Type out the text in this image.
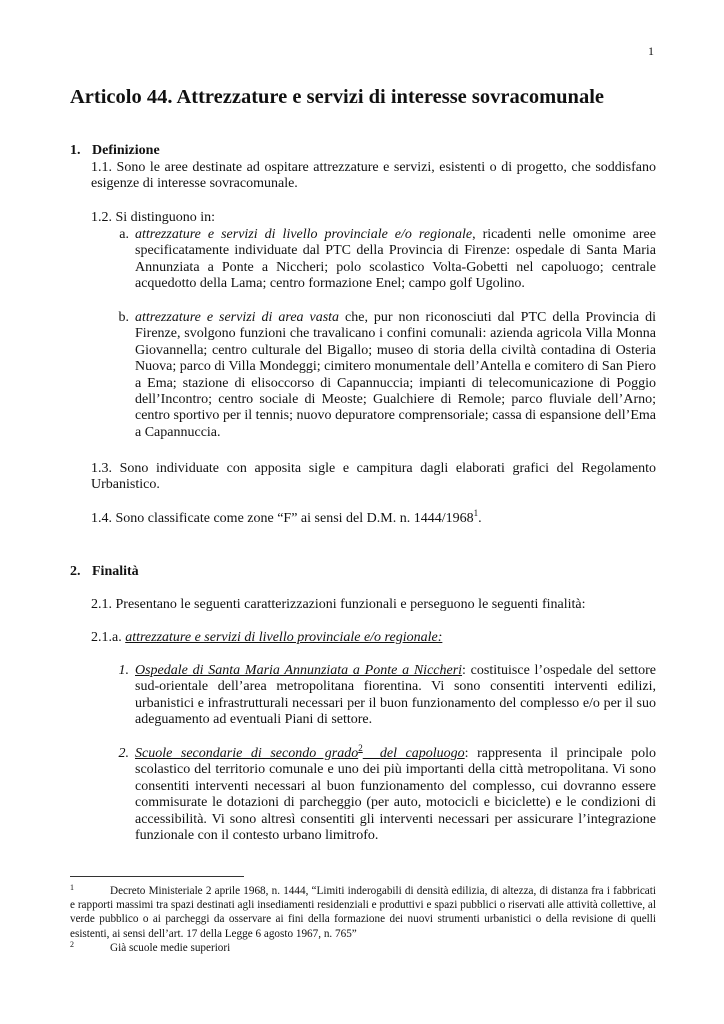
1
Articolo 44. Attrezzature e servizi di interesse sovracomunale
1. Definizione
1.1. Sono le aree destinate ad ospitare attrezzature e servizi, esistenti o di progetto, che soddisfano esigenze di interesse sovracomunale.
1.2. Si distinguono in:
a. attrezzature e servizi di livello provinciale e/o regionale, ricadenti nelle omonime aree specificatamente individuate dal PTC della Provincia di Firenze: ospedale di Santa Maria Annunziata a Ponte a Niccheri; polo scolastico Volta-Gobetti nel capoluogo; centrale acquedotto della Lama; centro formazione Enel; campo golf Ugolino.
b. attrezzature e servizi di area vasta che, pur non riconosciuti dal PTC della Provincia di Firenze, svolgono funzioni che travalicano i confini comunali: azienda agricola Villa Monna Giovannella; centro culturale del Bigallo; museo di storia della civiltà contadina di Osteria Nuova; parco di Villa Mondeggi; cimitero monumentale dell’Antella e comitero di San Piero a Ema; stazione di elisoccorso di Capannuccia; impianti di telecomunicazione di Poggio dell’Incontro; centro sociale di Meoste; Gualchiere di Remole; parco fluviale dell’Arno; centro sportivo per il tennis; nuovo depuratore comprensoriale; cassa di espansione dell’Ema a Capannuccia.
1.3. Sono individuate con apposita sigle e campitura dagli elaborati grafici del Regolamento Urbanistico.
1.4. Sono classificate come zone “F” ai sensi del D.M. n. 1444/1968$^1$.
2. Finalità
2.1. Presentano le seguenti caratterizzazioni funzionali e perseguono le seguenti finalità:
2.1.a. attrezzature e servizi di livello provinciale e/o regionale:
1. Ospedale di Santa Maria Annunziata a Ponte a Niccheri: costituisce l’ospedale del settore sud-orientale dell’area metropolitana fiorentina. Vi sono consentiti interventi edilizi, urbanistici e infrastrutturali necessari per il buon funzionamento del complesso e/o per il suo adeguamento ad eventuali Piani di settore.
2. Scuole secondarie di secondo grado$^2$  del capoluogo: rappresenta il principale polo scolastico del territorio comunale e uno dei più importanti della città metropolitana. Vi sono consentiti interventi necessari al buon funzionamento del complesso, cui dovranno essere commisurate le dotazioni di parcheggio (per auto, motocicli e biciclette) e le condizioni di accessibilità. Vi sono altresì consentiti gli interventi necessari per assicurare l’integrazione funzionale con il contesto urbano limitrofo.
1	Decreto Ministeriale 2 aprile 1968, n. 1444, “Limiti inderogabili di densità edilizia, di altezza, di distanza fra i fabbricati e rapporti massimi tra spazi destinati agli insediamenti residenziali e produttivi e spazi pubblici o riservati alle attività collettive, al verde pubblico o ai parcheggi da osservare ai fini della formazione dei nuovi strumenti urbanistici o della revisione di quelli esistenti, ai sensi dell’art. 17 della Legge 6 agosto 1967, n. 765”
2	Già scuole medie superiori
